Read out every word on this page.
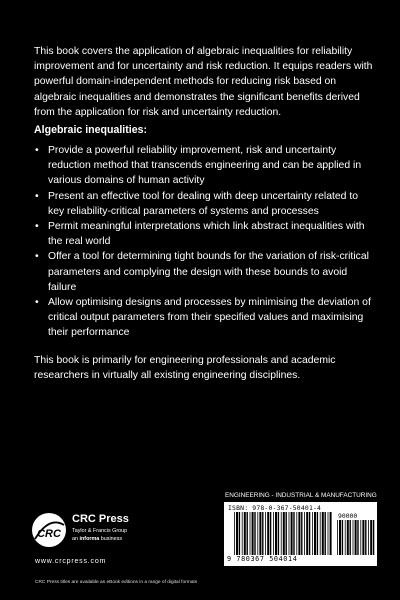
This book covers the application of algebraic inequalities for reliability improvement and for uncertainty and risk reduction. It equips readers with powerful domain-independent methods for reducing risk based on algebraic inequalities and demonstrates the significant benefits derived from the application for risk and uncertainty reduction.

Algebraic inequalities:

• Provide a powerful reliability improvement, risk and uncertainty reduction method that transcends engineering and can be applied in various domains of human activity
• Present an effective tool for dealing with deep uncertainty related to key reliability-critical parameters of systems and processes
• Permit meaningful interpretations which link abstract inequalities with the real world
• Offer a tool for determining tight bounds for the variation of risk-critical parameters and complying the design with these bounds to avoid failure
• Allow optimising designs and processes by minimising the deviation of critical output parameters from their specified values and maximising their performance

This book is primarily for engineering professionals and academic researchers in virtually all existing engineering disciplines.

CRC

CRC Press

Taylor & Francis Group

an informa business

www.crcpress.com

CRC Press titles are available as eBook editions in a range of digital formats

ENGINEERING - INDUSTRIAL & MANUFACTURING

ISBN: 978-0-367-50401-4

90000

9 780367 504014
